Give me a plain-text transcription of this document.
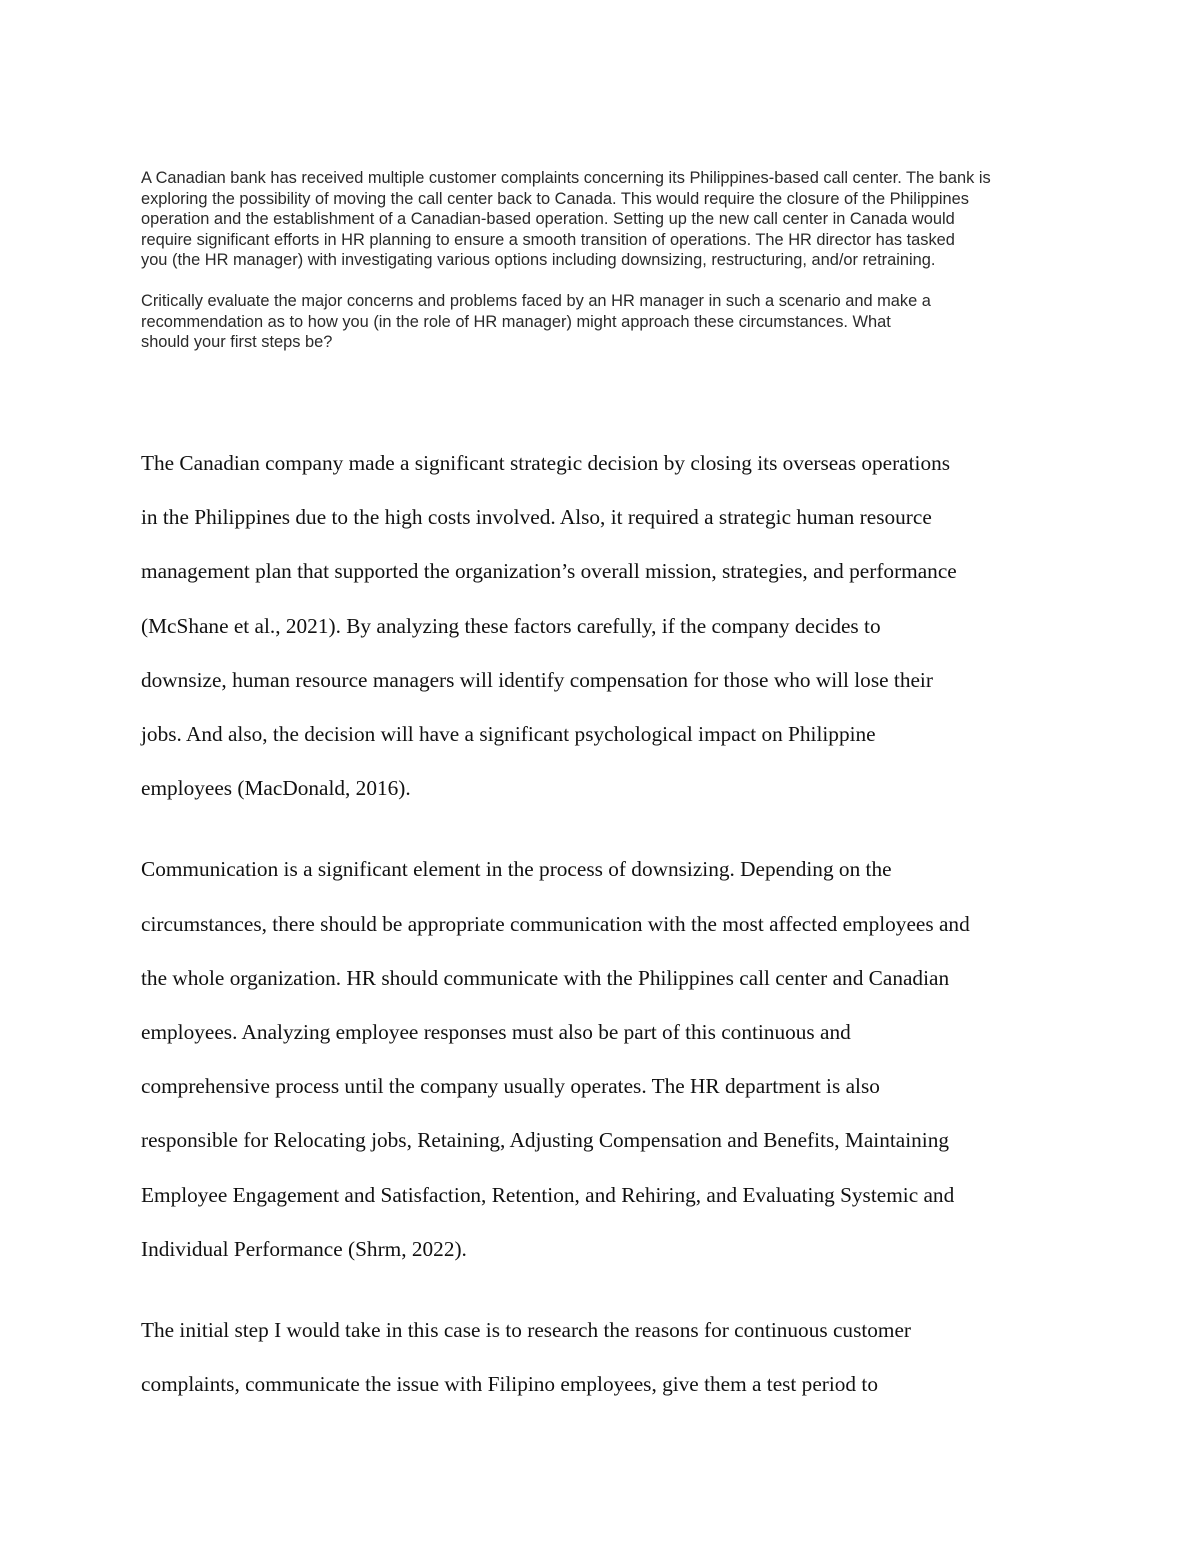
A Canadian bank has received multiple customer complaints concerning its Philippines-based call center. The bank is
exploring the possibility of moving the call center back to Canada. This would require the closure of the Philippines
operation and the establishment of a Canadian-based operation. Setting up the new call center in Canada would
require significant efforts in HR planning to ensure a smooth transition of operations. The HR director has tasked
you (the HR manager) with investigating various options including downsizing, restructuring, and/or retraining.

Critically evaluate the major concerns and problems faced by an HR manager in such a scenario and make a
recommendation as to how you (in the role of HR manager) might approach these circumstances. What
should your first steps be?

The Canadian company made a significant strategic decision by closing its overseas operations
in the Philippines due to the high costs involved. Also, it required a strategic human resource
management plan that supported the organization’s overall mission, strategies, and performance
(McShane et al., 2021). By analyzing these factors carefully, if the company decides to
downsize, human resource managers will identify compensation for those who will lose their
jobs. And also, the decision will have a significant psychological impact on Philippine
employees (MacDonald, 2016).

Communication is a significant element in the process of downsizing. Depending on the
circumstances, there should be appropriate communication with the most affected employees and
the whole organization. HR should communicate with the Philippines call center and Canadian
employees. Analyzing employee responses must also be part of this continuous and
comprehensive process until the company usually operates. The HR department is also
responsible for Relocating jobs, Retaining, Adjusting Compensation and Benefits, Maintaining
Employee Engagement and Satisfaction, Retention, and Rehiring, and Evaluating Systemic and
Individual Performance (Shrm, 2022).

The initial step I would take in this case is to research the reasons for continuous customer
complaints, communicate the issue with Filipino employees, give them a test period to
